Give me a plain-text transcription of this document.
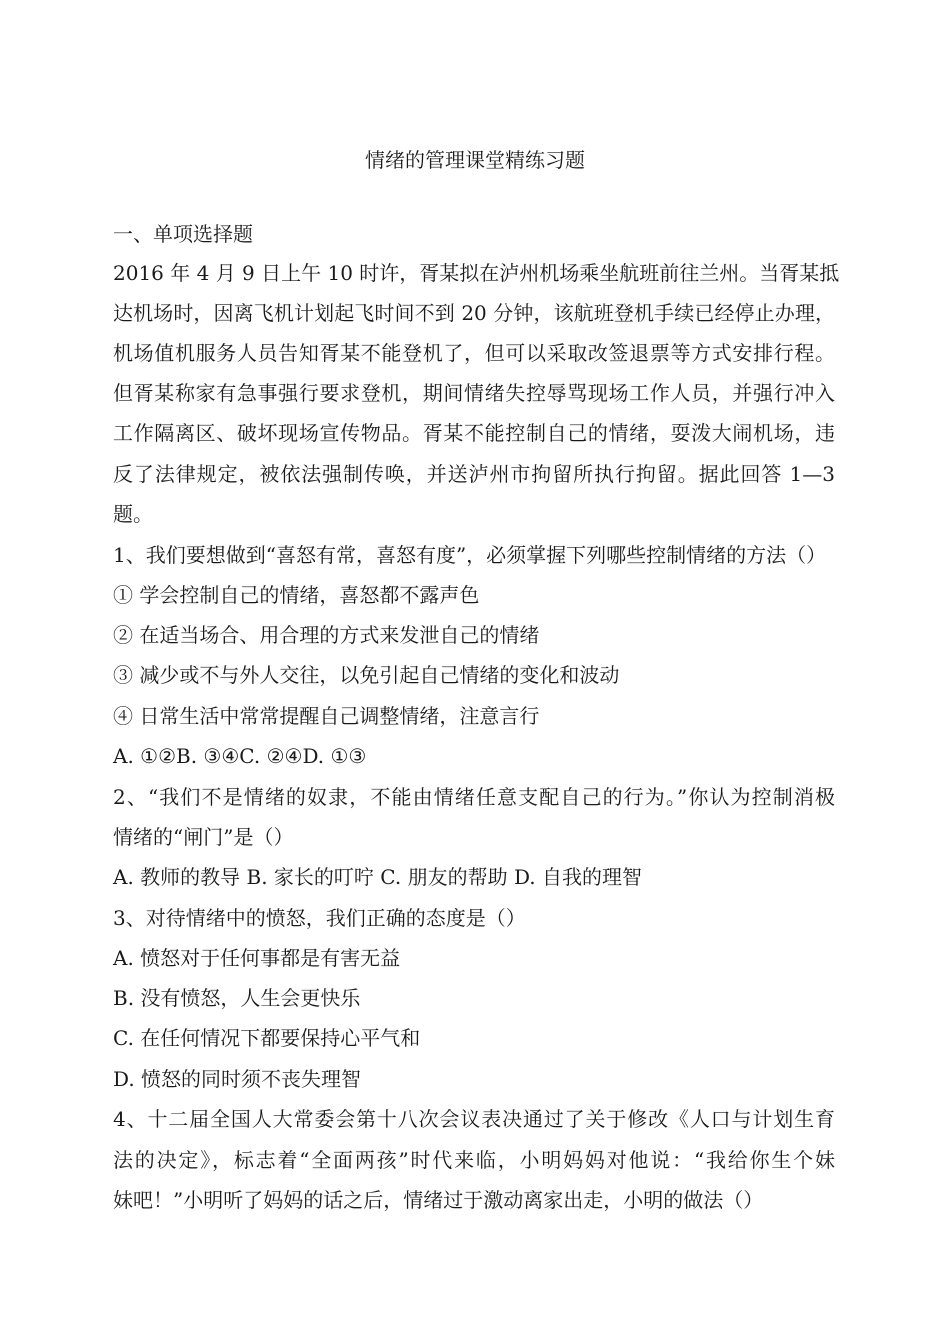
情绪的管理课堂精练习题
一、单项选择题
2016 年 4 月 9 日上午 10 时许，胥某拟在泸州机场乘坐航班前往兰州。当胥某抵
达机场时，因离飞机计划起飞时间不到 20 分钟，该航班登机手续已经停止办理，
机场值机服务人员告知胥某不能登机了，但可以采取改签退票等方式安排行程。
但胥某称家有急事强行要求登机，期间情绪失控辱骂现场工作人员，并强行冲入
工作隔离区、破坏现场宣传物品。胥某不能控制自己的情绪，耍泼大闹机场，违
反了法律规定，被依法强制传唤，并送泸州市拘留所执行拘留。据此回答 1—3
题。
1、我们要想做到“喜怒有常，喜怒有度”，必须掌握下列哪些控制情绪的方法（）
① 学会控制自己的情绪，喜怒都不露声色
② 在适当场合、用合理的方式来发泄自己的情绪
③ 减少或不与外人交往，以免引起自己情绪的变化和波动
④ 日常生活中常常提醒自己调整情绪，注意言行
A. ①②B. ③④C. ②④D. ①③
2、“我们不是情绪的奴隶，不能由情绪任意支配自己的行为。”你认为控制消极
情绪的“闸门”是（）
A. 教师的教导 B. 家长的叮咛 C. 朋友的帮助 D. 自我的理智
3、对待情绪中的愤怒，我们正确的态度是（）
A. 愤怒对于任何事都是有害无益
B. 没有愤怒，人生会更快乐
C. 在任何情况下都要保持心平气和
D. 愤怒的同时须不丧失理智
4、十二届全国人大常委会第十八次会议表决通过了关于修改《人口与计划生育
法的决定》，标志着“全面两孩”时代来临，小明妈妈对他说：“我给你生个妹
妹吧！”小明听了妈妈的话之后，情绪过于激动离家出走，小明的做法（）
